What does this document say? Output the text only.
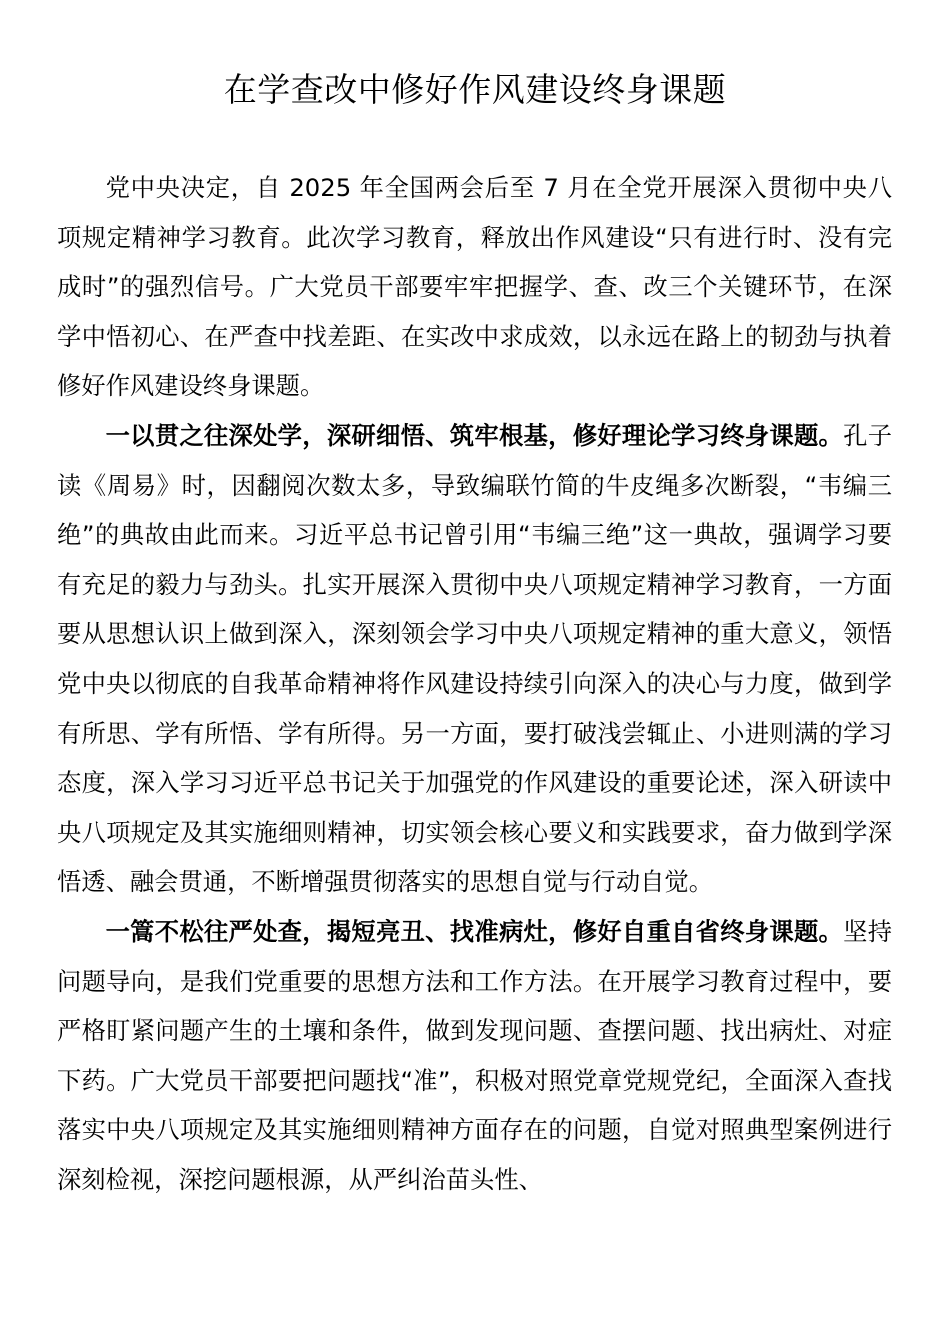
在学查改中修好作风建设终身课题

党中央决定，自 2025 年全国两会后至 7 月在全党开展深入贯彻中央八项规定精神学习教育。此次学习教育，释放出作风建设“只有进行时、没有完成时”的强烈信号。广大党员干部要牢牢把握学、查、改三个关键环节，在深学中悟初心、在严查中找差距、在实改中求成效，以永远在路上的韧劲与执着修好作风建设终身课题。

一以贯之往深处学，深研细悟、筑牢根基，修好理论学习终身课题。孔子读《周易》时，因翻阅次数太多，导致编联竹简的牛皮绳多次断裂，“韦编三绝”的典故由此而来。习近平总书记曾引用“韦编三绝”这一典故，强调学习要有充足的毅力与劲头。扎实开展深入贯彻中央八项规定精神学习教育，一方面要从思想认识上做到深入，深刻领会学习中央八项规定精神的重大意义，领悟党中央以彻底的自我革命精神将作风建设持续引向深入的决心与力度，做到学有所思、学有所悟、学有所得。另一方面，要打破浅尝辄止、小进则满的学习态度，深入学习习近平总书记关于加强党的作风建设的重要论述，深入研读中央八项规定及其实施细则精神，切实领会核心要义和实践要求，奋力做到学深悟透、融会贯通，不断增强贯彻落实的思想自觉与行动自觉。

一篙不松往严处查，揭短亮丑、找准病灶，修好自重自省终身课题。坚持问题导向，是我们党重要的思想方法和工作方法。在开展学习教育过程中，要严格盯紧问题产生的土壤和条件，做到发现问题、查摆问题、找出病灶、对症下药。广大党员干部要把问题找“准”，积极对照党章党规党纪，全面深入查找落实中央八项规定及其实施细则精神方面存在的问题，自觉对照典型案例进行深刻检视，深挖问题根源，从严纠治苗头性、
